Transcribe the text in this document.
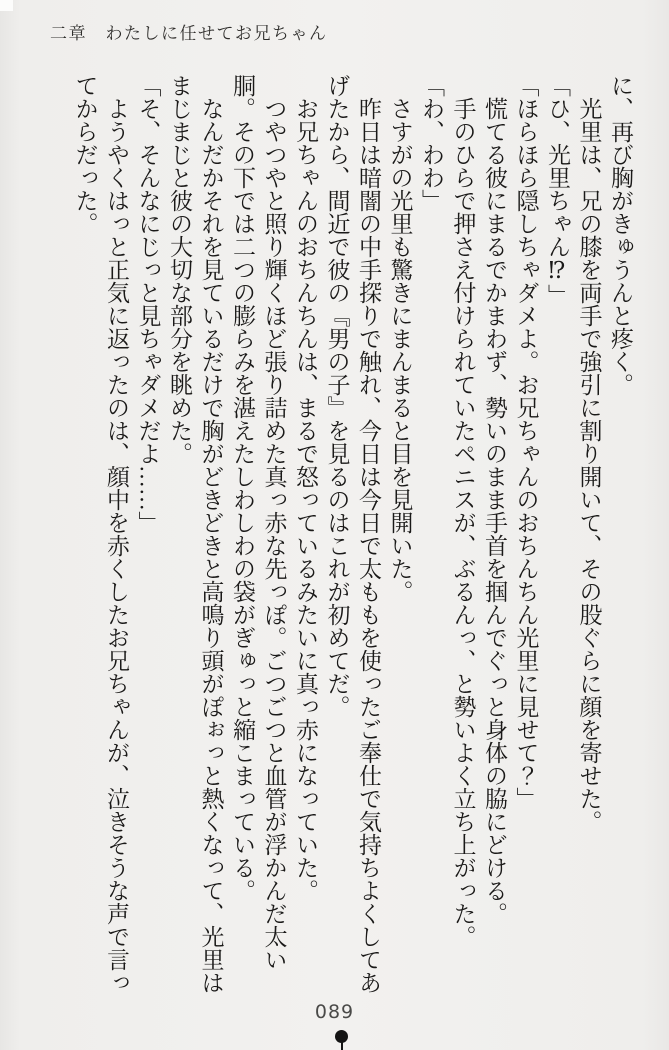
二章　わたしに任せてお兄ちゃん

に、再び胸がきゅうんと疼く。

光里は、兄の膝を両手で強引に割り開いて、その股ぐらに顔を寄せた。

「ひ、光里ちゃん⁉」

「ほらほら隠しちゃダメよ。お兄ちゃんのおちんちん光里に見せて？」

慌てる彼にまるでかまわず、勢いのまま手首を掴んでぐっと身体の脇にどける。

手のひらで押さえ付けられていたペニスが、ぶるんっ、と勢いよく立ち上がった。

「わ、わわ」

さすがの光里も驚きにまんまると目を見開いた。

昨日は暗闇の中手探りで触れ、今日は今日で太ももを使ったご奉仕で気持ちよくしてあげたから、間近で彼の『男の子』を見るのはこれが初めてだ。

お兄ちゃんのおちんちんは、まるで怒っているみたいに真っ赤になっていた。

つやつやと照り輝くほど張り詰めた真っ赤な先っぽ。ごつごつと血管が浮かんだ太い胴。その下では二つの膨らみを湛えたしわしわの袋がぎゅっと縮こまっている。

なんだかそれを見ているだけで胸がどきどきと高鳴り頭がぽぉっと熱くなって、光里はまじまじと彼の大切な部分を眺めた。

「そ、そんなにじっと見ちゃダメだよ……」

ようやくはっと正気に返ったのは、顔中を赤くしたお兄ちゃんが、泣きそうな声で言ってからだった。

089
